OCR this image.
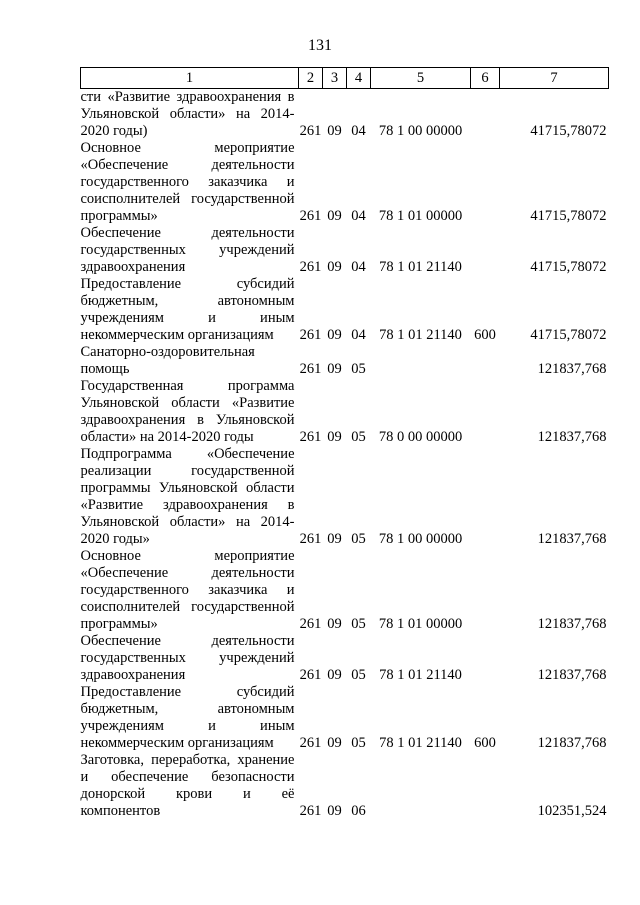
131
1	2	3	4	5	6	7
сти «Развитие здравоохранения в Ульяновской области» на 2014-2020 годы)	261	09	04	78 1 00 00000		41715,78072
Основное мероприятие «Обеспечение деятельности государственного заказчика и соисполнителей государственной программы»	261	09	04	78 1 01 00000		41715,78072
Обеспечение деятельности государственных учреждений здравоохранения	261	09	04	78 1 01 21140		41715,78072
Предоставление субсидий бюджетным, автономным учреждениям и иным некоммерческим организациям	261	09	04	78 1 01 21140	600	41715,78072
Санаторно-оздоровительная помощь	261	09	05			121837,768
Государственная программа Ульяновской области «Развитие здравоохранения в Ульяновской области» на 2014-2020 годы	261	09	05	78 0 00 00000		121837,768
Подпрограмма «Обеспечение реализации государственной программы Ульяновской области «Развитие здравоохранения в Ульяновской области» на 2014-2020 годы»	261	09	05	78 1 00 00000		121837,768
Основное мероприятие «Обеспечение деятельности государственного заказчика и соисполнителей государственной программы»	261	09	05	78 1 01 00000		121837,768
Обеспечение деятельности государственных учреждений здравоохранения	261	09	05	78 1 01 21140		121837,768
Предоставление субсидий бюджетным, автономным учреждениям и иным некоммерческим организациям	261	09	05	78 1 01 21140	600	121837,768
Заготовка, переработка, хранение и обеспечение безопасности донорской крови и её компонентов	261	09	06			102351,524
